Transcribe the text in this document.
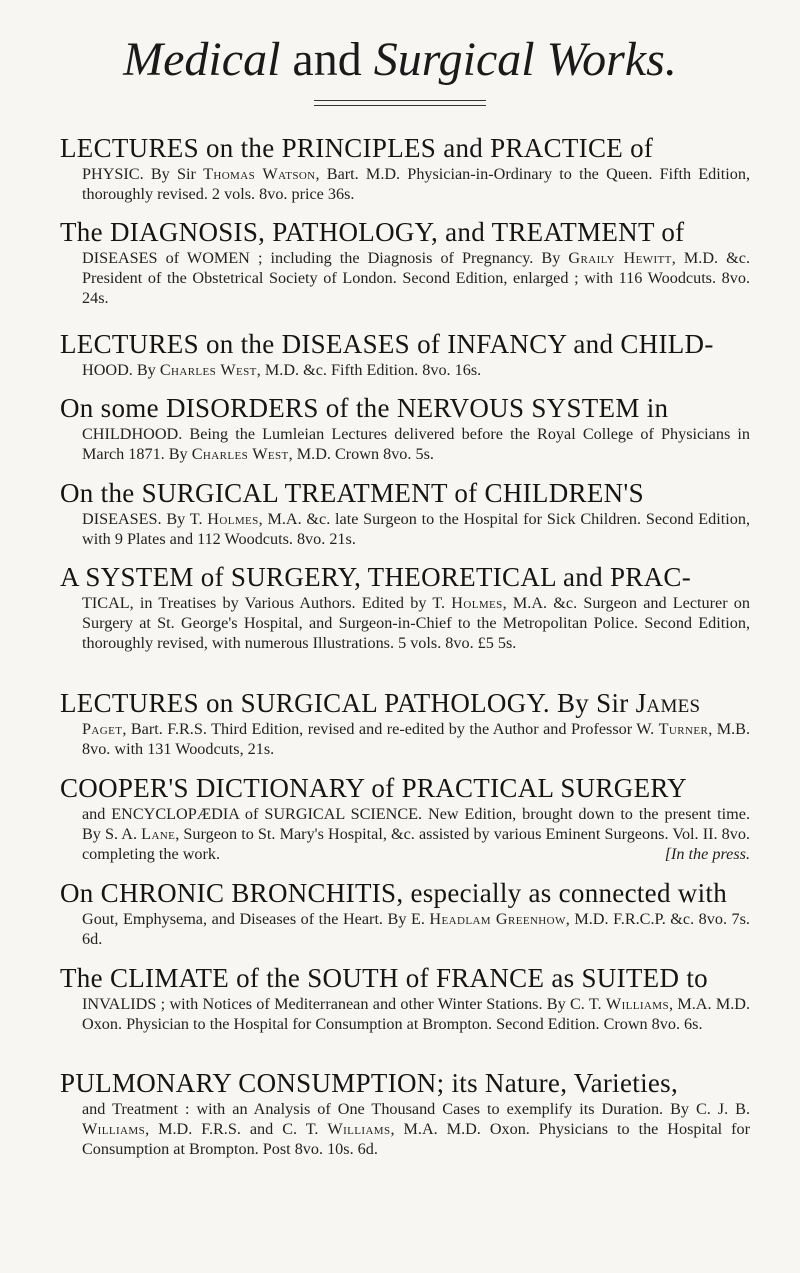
Medical and Surgical Works.
LECTURES on the PRINCIPLES and PRACTICE of
PHYSIC. By Sir Thomas Watson, Bart. M.D. Physician-in-Ordinary to the Queen. Fifth Edition, thoroughly revised. 2 vols. 8vo. price 36s.
The DIAGNOSIS, PATHOLOGY, and TREATMENT of
DISEASES of WOMEN ; including the Diagnosis of Pregnancy. By Graily Hewitt, M.D. &c. President of the Obstetrical Society of London. Second Edition, enlarged ; with 116 Woodcuts. 8vo. 24s.
LECTURES on the DISEASES of INFANCY and CHILD-
HOOD. By Charles West, M.D. &c. Fifth Edition. 8vo. 16s.
On some DISORDERS of the NERVOUS SYSTEM in
CHILDHOOD. Being the Lumleian Lectures delivered before the Royal College of Physicians in March 1871. By Charles West, M.D. Crown 8vo. 5s.
On the SURGICAL TREATMENT of CHILDREN'S
DISEASES. By T. Holmes, M.A. &c. late Surgeon to the Hospital for Sick Children. Second Edition, with 9 Plates and 112 Woodcuts. 8vo. 21s.
A SYSTEM of SURGERY, THEORETICAL and PRAC-
TICAL, in Treatises by Various Authors. Edited by T. Holmes, M.A. &c. Surgeon and Lecturer on Surgery at St. George's Hospital, and Surgeon-in-Chief to the Metropolitan Police. Second Edition, thoroughly revised, with numerous Illustrations. 5 vols. 8vo. £5 5s.
LECTURES on SURGICAL PATHOLOGY. By Sir James
Paget, Bart. F.R.S. Third Edition, revised and re-edited by the Author and Professor W. Turner, M.B. 8vo. with 131 Woodcuts, 21s.
COOPER'S DICTIONARY of PRACTICAL SURGERY
and ENCYCLOPÆDIA of SURGICAL SCIENCE. New Edition, brought down to the present time. By S. A. Lane, Surgeon to St. Mary's Hospital, &c. assisted by various Eminent Surgeons. Vol. II. 8vo. completing the work.	[In the press.
On CHRONIC BRONCHITIS, especially as connected with
Gout, Emphysema, and Diseases of the Heart. By E. Headlam Greenhow, M.D. F.R.C.P. &c. 8vo. 7s. 6d.
The CLIMATE of the SOUTH of FRANCE as SUITED to
INVALIDS ; with Notices of Mediterranean and other Winter Stations. By C. T. Williams, M.A. M.D. Oxon. Physician to the Hospital for Consumption at Brompton. Second Edition. Crown 8vo. 6s.
PULMONARY CONSUMPTION; its Nature, Varieties,
and Treatment : with an Analysis of One Thousand Cases to exemplify its Duration. By C. J. B. Williams, M.D. F.R.S. and C. T. Williams, M.A. M.D. Oxon. Physicians to the Hospital for Consumption at Brompton. Post 8vo. 10s. 6d.
